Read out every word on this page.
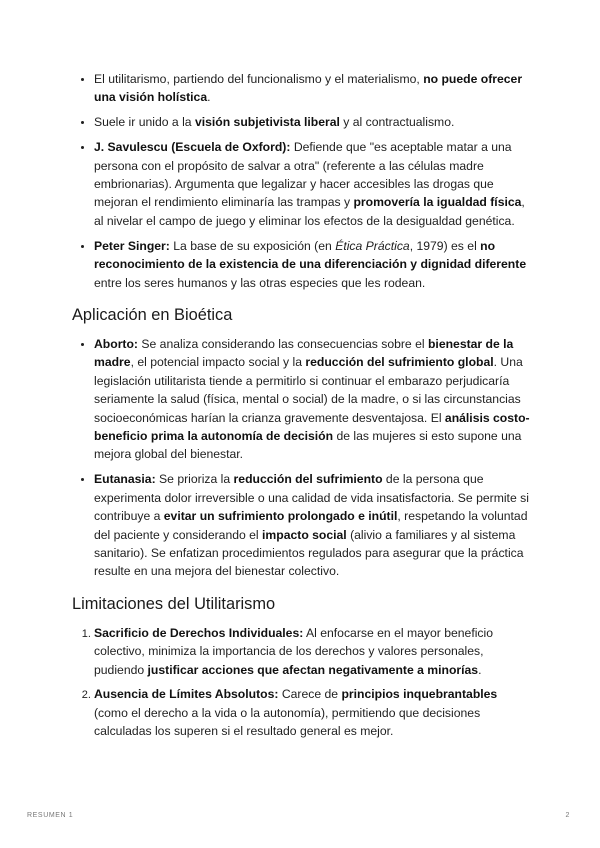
• El utilitarismo, partiendo del funcionalismo y el materialismo, no puede ofrecer una visión holística.
• Suele ir unido a la visión subjetivista liberal y al contractualismo.
• J. Savulescu (Escuela de Oxford): Defiende que "es aceptable matar a una persona con el propósito de salvar a otra" (referente a las células madre embrionarias). Argumenta que legalizar y hacer accesibles las drogas que mejoran el rendimiento eliminaría las trampas y promovería la igualdad física, al nivelar el campo de juego y eliminar los efectos de la desigualdad genética.
• Peter Singer: La base de su exposición (en Ética Práctica, 1979) es el no reconocimiento de la existencia de una diferenciación y dignidad diferente entre los seres humanos y las otras especies que les rodean.
Aplicación en Bioética
• Aborto: Se analiza considerando las consecuencias sobre el bienestar de la madre, el potencial impacto social y la reducción del sufrimiento global. Una legislación utilitarista tiende a permitirlo si continuar el embarazo perjudicaría seriamente la salud (física, mental o social) de la madre, o si las circunstancias socioeconómicas harían la crianza gravemente desventajosa. El análisis costo-beneficio prima la autonomía de decisión de las mujeres si esto supone una mejora global del bienestar.
• Eutanasia: Se prioriza la reducción del sufrimiento de la persona que experimenta dolor irreversible o una calidad de vida insatisfactoria. Se permite si contribuye a evitar un sufrimiento prolongado e inútil, respetando la voluntad del paciente y considerando el impacto social (alivio a familiares y al sistema sanitario). Se enfatizan procedimientos regulados para asegurar que la práctica resulte en una mejora del bienestar colectivo.
Limitaciones del Utilitarismo
1. Sacrificio de Derechos Individuales: Al enfocarse en el mayor beneficio colectivo, minimiza la importancia de los derechos y valores personales, pudiendo justificar acciones que afectan negativamente a minorías.
2. Ausencia de Límites Absolutos: Carece de principios inquebrantables (como el derecho a la vida o la autonomía), permitiendo que decisiones calculadas los superen si el resultado general es mejor.
RESUMEN 1	2
